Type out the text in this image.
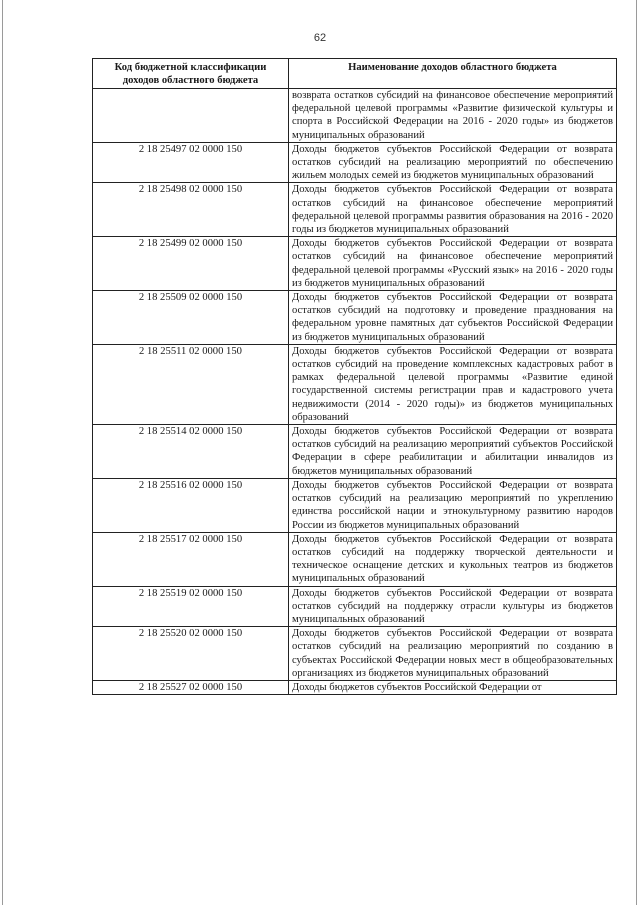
62
Код бюджетной классификации доходов областного бюджета	Наименование доходов областного бюджета
	возврата остатков субсидий на финансовое обеспечение мероприятий федеральной целевой программы «Развитие физической культуры и спорта в Российской Федерации на 2016 - 2020 годы» из бюджетов муниципальных образований
2 18 25497 02 0000 150	Доходы бюджетов субъектов Российской Федерации от возврата остатков субсидий на реализацию мероприятий по обеспечению жильем молодых семей из бюджетов муниципальных образований
2 18 25498 02 0000 150	Доходы бюджетов субъектов Российской Федерации от возврата остатков субсидий на финансовое обеспечение мероприятий федеральной целевой программы развития образования на 2016 - 2020 годы из бюджетов муниципальных образований
2 18 25499 02 0000 150	Доходы бюджетов субъектов Российской Федерации от возврата остатков субсидий на финансовое обеспечение мероприятий федеральной целевой программы «Русский язык» на 2016 - 2020 годы из бюджетов муниципальных образований
2 18 25509 02 0000 150	Доходы бюджетов субъектов Российской Федерации от возврата остатков субсидий на подготовку и проведение празднования на федеральном уровне памятных дат субъектов Российской Федерации из бюджетов муниципальных образований
2 18 25511 02 0000 150	Доходы бюджетов субъектов Российской Федерации от возврата остатков субсидий на проведение комплексных кадастровых работ в рамках федеральной целевой программы «Развитие единой государственной системы регистрации прав и кадастрового учета недвижимости (2014 - 2020 годы)» из бюджетов муниципальных образований
2 18 25514 02 0000 150	Доходы бюджетов субъектов Российской Федерации от возврата остатков субсидий на реализацию мероприятий субъектов Российской Федерации в сфере реабилитации и абилитации инвалидов из бюджетов муниципальных образований
2 18 25516 02 0000 150	Доходы бюджетов субъектов Российской Федерации от возврата остатков субсидий на реализацию мероприятий по укреплению единства российской нации и этнокультурному развитию народов России из бюджетов муниципальных образований
2 18 25517 02 0000 150	Доходы бюджетов субъектов Российской Федерации от возврата остатков субсидий на поддержку творческой деятельности и техническое оснащение детских и кукольных театров из бюджетов муниципальных образований
2 18 25519 02 0000 150	Доходы бюджетов субъектов Российской Федерации от возврата остатков субсидий на поддержку отрасли культуры из бюджетов муниципальных образований
2 18 25520 02 0000 150	Доходы бюджетов субъектов Российской Федерации от возврата остатков субсидий на реализацию мероприятий по созданию в субъектах Российской Федерации новых мест в общеобразовательных организациях из бюджетов муниципальных образований
2 18 25527 02 0000 150	Доходы бюджетов субъектов Российской Федерации от
